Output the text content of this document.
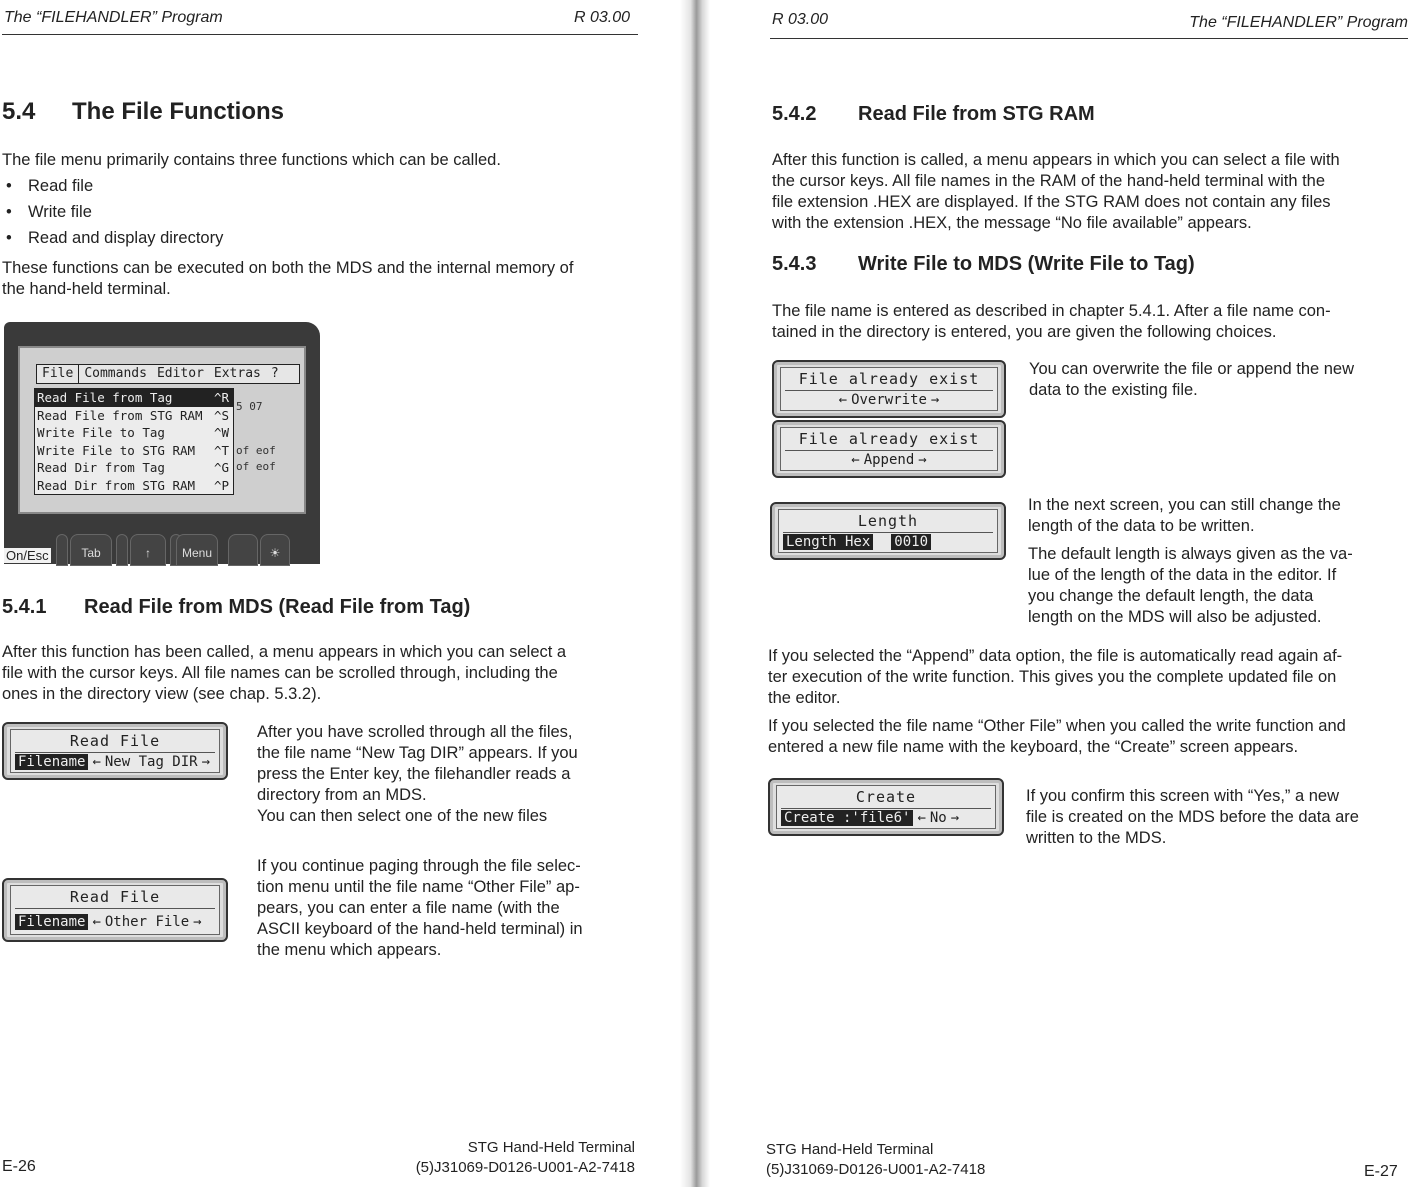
The “FILEHANDLER” Program	R 03.00
5.4 The File Functions
The file menu primarily contains three functions which can be called.
• Read file
• Write file
• Read and display directory

These functions can be executed on both the MDS and the internal memory of

the hand-held terminal.

File Commands Editor Extras ?
Read File from Tag	^R
Read File from STG RAM ^S
Write File to Tag	^W
Write File to STG RAM ^T
Read Dir from Tag	^G
Read Dir from STG RAM ^P
5 07
of eof
of eof
On/Esc	Tab	↑	Menu	☀
5.4.1 Read File from MDS (Read File from Tag)

After this function has been called, a menu appears in which you can select a

file with the cursor keys. All file names can be scrolled through, including the

ones in the directory view (see chap. 5.3.2).

Read File
Filename ← New Tag DIR →

After you have scrolled through all the files,

the file name “New Tag DIR” appears. If you

press the Enter key, the filehandler reads a

directory from an MDS.

You can then select one of the new files

Read File
Filename ← Other File →

If you continue paging through the file selec-

tion menu until the file name “Other File” ap-

pears, you can enter a file name (with the

ASCII keyboard of the hand-held terminal) in

the menu which appears.

E-26
STG Hand-Held Terminal
(5)J31069-D0126-U001-A2-7418
R 03.00	The “FILEHANDLER” Program
5.4.2 Read File from STG RAM

After this function is called, a menu appears in which you can select a file with

the cursor keys. All file names in the RAM of the hand-held terminal with the

file extension .HEX are displayed. If the STG RAM does not contain any files

with the extension .HEX, the message “No file available” appears.

5.4.3 Write File to MDS (Write File to Tag)

The file name is entered as described in chapter 5.4.1. After a file name con-

tained in the directory is entered, you are given the following choices.

File already exist
← Overwrite →
File already exist
← Append →

You can overwrite the file or append the new

data to the existing file.

Length
Length Hex 0010

In the next screen, you can still change the

length of the data to be written.

The default length is always given as the va-

lue of the length of the data in the editor. If

you change the default length, the data

length on the MDS will also be adjusted.

If you selected the “Append” data option, the file is automatically read again af-

ter execution of the write function. This gives you the complete updated file on

the editor.

If you selected the file name “Other File” when you called the write function and

entered a new file name with the keyboard, the “Create” screen appears.

Create
Create :'file6' ← No →

If you confirm this screen with “Yes,” a new

file is created on the MDS before the data are

written to the MDS.

STG Hand-Held Terminal
(5)J31069-D0126-U001-A2-7418	E-27
